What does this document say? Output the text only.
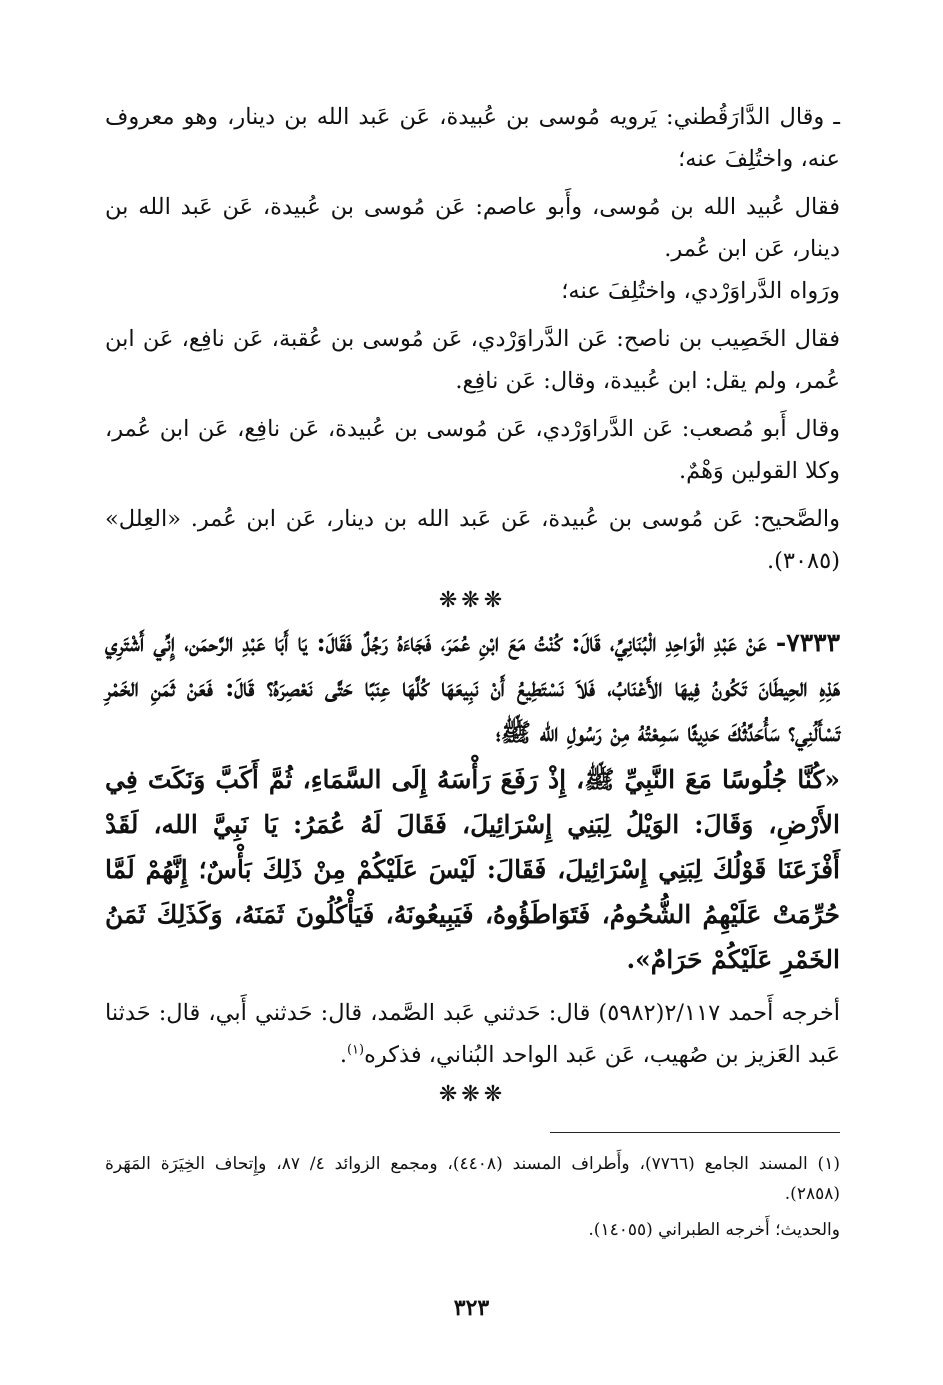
ـ وقال الدَّارَقُطني: يَرويه مُوسى بن عُبيدة، عَن عَبد الله بن دينار، وهو معروف عنه، واختُلِفَ عنه؛

فقال عُبيد الله بن مُوسى، وأَبو عاصم: عَن مُوسى بن عُبيدة، عَن عَبد الله بن دينار، عَن ابن عُمر.

ورَواه الدَّراوَرْدي، واختُلِفَ عنه؛

فقال الخَصِيب بن ناصح: عَن الدَّراوَرْدي، عَن مُوسى بن عُقبة، عَن نافِع، عَن ابن عُمر، ولم يقل: ابن عُبيدة، وقال: عَن نافِع.

وقال أَبو مُصعب: عَن الدَّراوَرْدي، عَن مُوسى بن عُبيدة، عَن نافِع، عَن ابن عُمر، وكلا القولين وَهْمٌ.

والصَّحيح: عَن مُوسى بن عُبيدة، عَن عَبد الله بن دينار، عَن ابن عُمر. «العِلل» (٣٠٨٥).

❋❋❋

٧٣٣٣- عَنْ عَبْدِ الْوَاحِدِ الْبُنَانِيِّ، قَالَ: كُنْتُ مَعَ ابْنِ عُمَرَ، فَجَاءَهُ رَجُلٌ فَقَالَ: يَا أَبَا عَبْدِ الرَّحمَن، إِنِّي أَشْتَرِي هَذِهِ الحِيطَانَ تَكُونُ فِيهَا الأَعْنَابُ، فَلاَ نَسْتَطِيعُ أَنْ نَبِيعَهَا كُلَّهَا عِنَبًا حَتَّى نَعْصِرَهُ؟ قَالَ: فَعَنْ ثَمَنِ الخَمْرِ تَسْأَلُنِي؟ سَأُحَدِّثُكَ حَدِيثًا سَمِعْتُهُ مِنْ رَسُولِ الله ﷺ؛

«كُنَّا جُلُوسًا مَعَ النَّبِيِّ ﷺ، إِذْ رَفَعَ رَأْسَهُ إِلَى السَّمَاءِ، ثُمَّ أَكَبَّ وَنَكَتَ فِي الأَرْضِ، وَقَالَ: الوَيْلُ لِبَنِي إِسْرَائِيلَ، فَقَالَ لَهُ عُمَرُ: يَا نَبِيَّ الله، لَقَدْ أَفْزَعَنَا قَوْلُكَ لِبَنِي إِسْرَائِيلَ، فَقَالَ: لَيْسَ عَلَيْكُمْ مِنْ ذَلِكَ بَأْسٌ؛ إِنَّهُمْ لَمَّا حُرِّمَتْ عَلَيْهِمُ الشُّحُومُ، فَتَوَاطَؤُوهُ، فَيَبِيعُونَهُ، فَيَأْكُلُونَ ثَمَنَهُ، وَكَذَلِكَ ثَمَنُ الخَمْرِ عَلَيْكُمْ حَرَامٌ».

أخرجه أَحمد ٢/١١٧(٥٩٨٢) قال: حَدثني عَبد الصَّمد، قال: حَدثني أَبي، قال: حَدثنا عَبد العَزيز بن صُهيب، عَن عَبد الواحد البُناني، فذكره$^{(١)}$.

❋❋❋

(١) المسند الجامع (٧٧٦٦)، وأَطراف المسند (٤٤٠٨)، ومجمع الزوائد ٤/ ٨٧، وإِتحاف الخِيَرَة المَهَرة (٢٨٥٨).

والحديث؛ أَخرجه الطبراني (١٤٠٥٥).

٣٢٣
